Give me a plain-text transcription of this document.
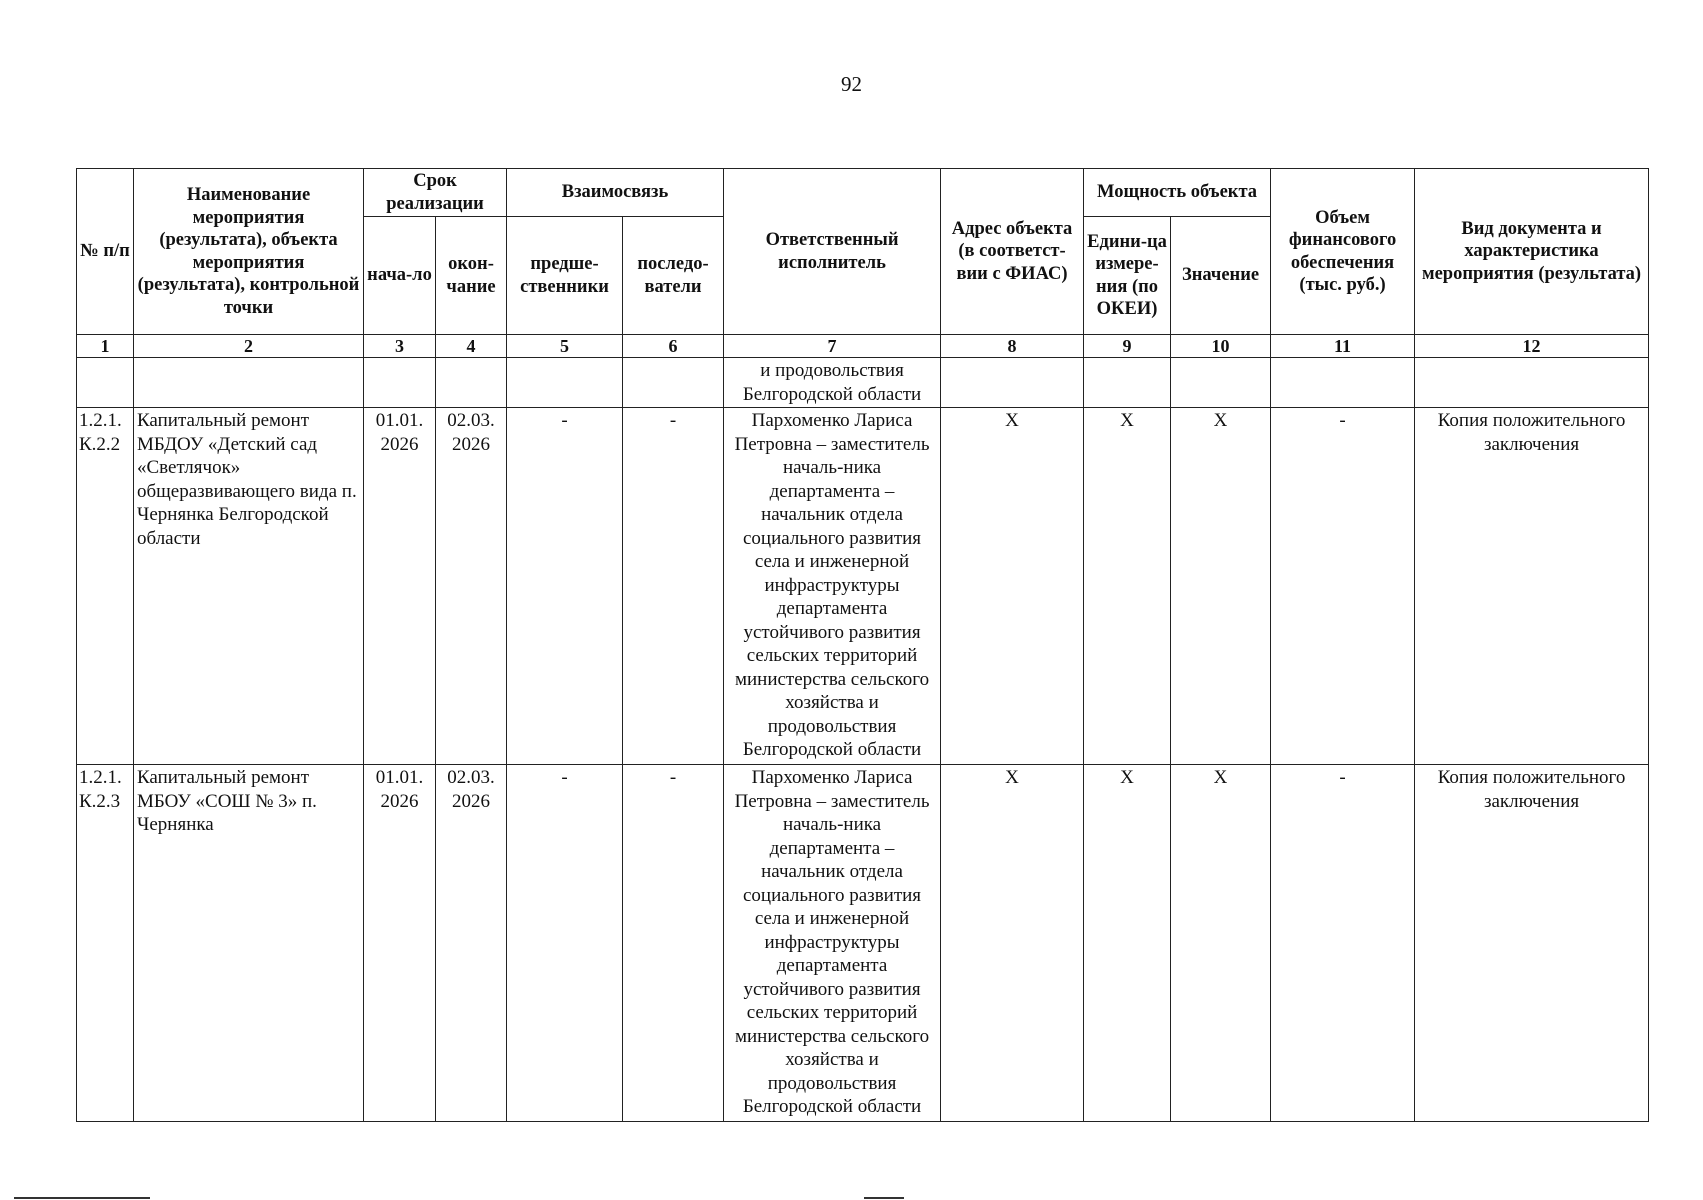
92
№ п/п	Наименование мероприятия (результата), объекта мероприятия (результата), контрольной точки	Срок реализации		Взаимосвязь		Ответственный исполнитель	Адрес объекта (в соответст-вии с ФИАС)	Мощность объекта		Объем финансового обеспечения (тыс. руб.)	Вид документа и характеристика мероприятия (результата)
		нача-ло	окон-чание	предше-ственники	последо-ватели			Едини-ца измере-ния (по ОКЕИ)	Значение		
1	2	3	4	5	6	7	8	9	10	11	12
						и продовольствия Белгородской области					
1.2.1. К.2.2	Капитальный ремонт МБДОУ «Детский сад «Светлячок» общеразвивающего вида п. Чернянка Белгородской области	01.01. 2026	02.03. 2026	-	-	Пархоменко Лариса Петровна – заместитель началь-ника департамента – начальник отдела социального развития села и инженерной инфраструктуры департамента устойчивого развития сельских территорий министерства сельского хозяйства и продовольствия Белгородской области	Х	Х	Х	-	Копия положительного заключения
1.2.1. К.2.3	Капитальный ремонт МБОУ «СОШ № 3» п. Чернянка	01.01. 2026	02.03. 2026	-	-	Пархоменко Лариса Петровна – заместитель началь-ника департамента – начальник отдела социального развития села и инженерной инфраструктуры департамента устойчивого развития сельских территорий министерства сельского хозяйства и продовольствия Белгородской области	Х	Х	Х	-	Копия положительного заключения
